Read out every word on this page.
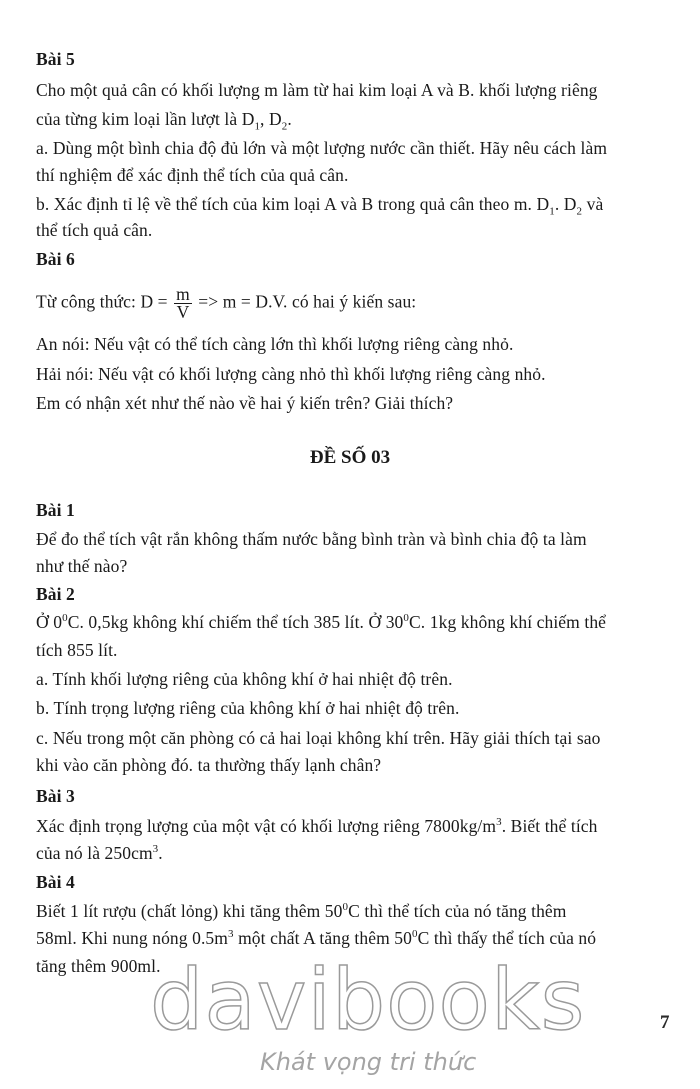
Bài 5
Cho một quả cân có khối lượng m làm từ hai kim loại A và B. khối lượng riêng
của từng kim loại lần lượt là $D_1$, $D_2$.
a. Dùng một bình chia độ đủ lớn và một lượng nước cần thiết. Hãy nêu cách làm
thí nghiệm để xác định thể tích của quả cân.
b. Xác định tỉ lệ về thể tích của kim loại A và B trong quả cân theo m. $D_1$. $D_2$ và
thể tích quả cân.
Bài 6
Từ công thức: $D = \frac{m}{V} => m = D.V$. có hai ý kiến sau:
An nói: Nếu vật có thể tích càng lớn thì khối lượng riêng càng nhỏ.
Hải nói: Nếu vật có khối lượng càng nhỏ thì khối lượng riêng càng nhỏ.
Em có nhận xét như thế nào về hai ý kiến trên? Giải thích?
ĐỀ SỐ 03
Bài 1
Để đo thể tích vật rắn không thấm nước bằng bình tràn và bình chia độ ta làm
như thế nào?
Bài 2
Ở $0^0C$. 0,5kg không khí chiếm thể tích 385 lít. Ở $30^0C$. 1kg không khí chiếm thể
tích 855 lít.
a. Tính khối lượng riêng của không khí ở hai nhiệt độ trên.
b. Tính trọng lượng riêng của không khí ở hai nhiệt độ trên.
c. Nếu trong một căn phòng có cả hai loại không khí trên. Hãy giải thích tại sao
khi vào căn phòng đó. ta thường thấy lạnh chân?
Bài 3
Xác định trọng lượng của một vật có khối lượng riêng $7800kg/m^3$. Biết thể tích
của nó là $250cm^3$.
Bài 4
Biết 1 lít rượu (chất lỏng) khi tăng thêm $50^0C$ thì thể tích của nó tăng thêm
58ml. Khi nung nóng $0.5m^3$ một chất A tăng thêm $50^0C$ thì thấy thể tích của nó
tăng thêm 900ml.
davibooks
Khát vọng tri thức
7
